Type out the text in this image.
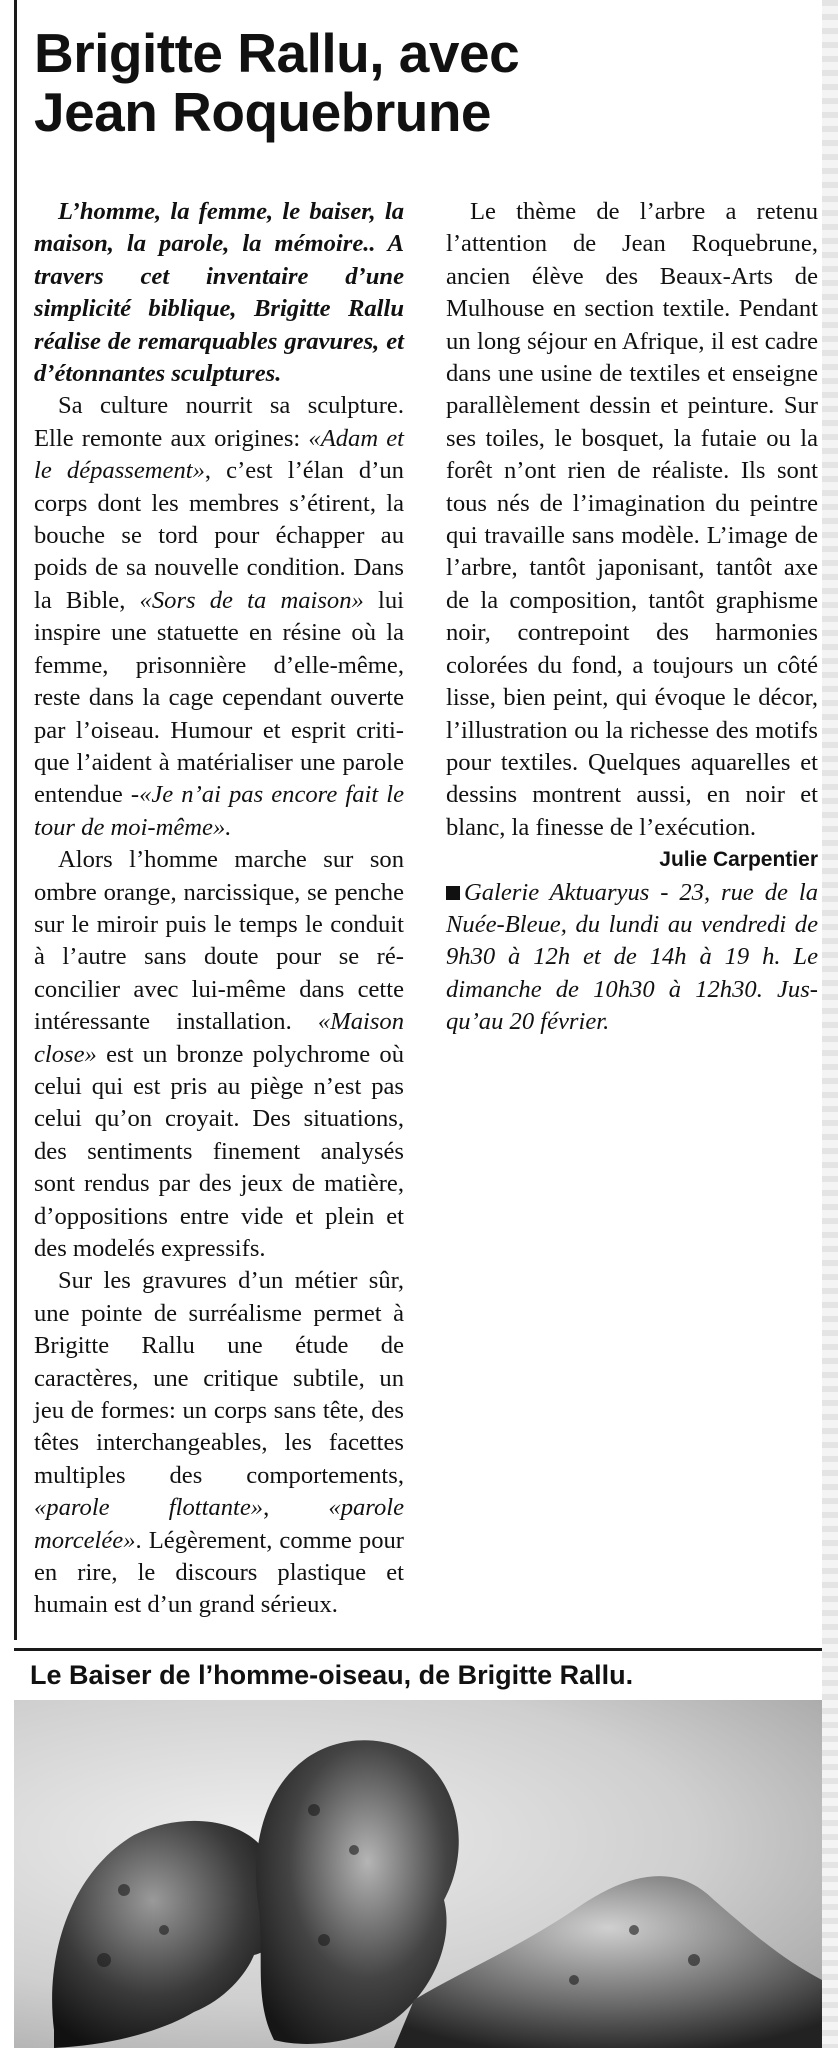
Brigitte Rallu, avec
Jean Roquebrune

L’homme, la femme, le baiser, la maison, la parole, la mémoire.. A travers cet inventaire d’une simplicité biblique, Brigitte Rallu réalise de remarquables gravures, et d’étonnantes sculptures.

Sa culture nourrit sa sculpture. Elle remonte aux origines: «Adam et le dépassement», c’est l’élan d’un corps dont les membres s’étirent, la bouche se tord pour échapper au poids de sa nouvelle condition. Dans la Bible, «Sors de ta maison» lui inspire une statuette en résine où la femme, prisonnière d’elle-même, reste dans la cage cependant ouverte par l’oiseau. Humour et esprit critique l’aident à matérialiser une parole entendue -«Je n’ai pas encore fait le tour de moi-même».

Alors l’homme marche sur son ombre orange, narcissique, se penche sur le miroir puis le temps le conduit à l’autre sans doute pour se réconcilier avec lui-même dans cette intéressante installation. «Maison close» est un bronze polychrome où celui qui est pris au piège n’est pas celui qu’on croyait. Des situations, des sentiments finement analysés sont rendus par des jeux de matière, d’oppositions entre vide et plein et des modelés expressifs.

Sur les gravures d’un métier sûr, une pointe de surréalisme permet à Brigitte Rallu une étude de caractères, une critique subtile, un jeu de formes: un corps sans tête, des têtes interchangeables, les facettes multiples des comportements, «parole flottante», «parole morcelée». Légèrement, comme pour en rire, le discours plastique et humain est d’un grand sérieux.

Le thème de l’arbre a retenu l’attention de Jean Roquebrune, ancien élève des Beaux-Arts de Mulhouse en section textile. Pendant un long séjour en Afrique, il est cadre dans une usine de textiles et enseigne parallèlement dessin et peinture. Sur ses toiles, le bosquet, la futaie ou la forêt n’ont rien de réaliste. Ils sont tous nés de l’imagination du peintre qui travaille sans modèle. L’image de l’arbre, tantôt japonisant, tantôt axe de la composition, tantôt graphisme noir, contrepoint des harmonies colorées du fond, a toujours un côté lisse, bien peint, qui évoque le décor, l’illustration ou la richesse des motifs pour textiles. Quelques aquarelles et dessins montrent aussi, en noir et blanc, la finesse de l’exécution.

Julie Carpentier

Galerie Aktuaryus - 23, rue de la Nuée-Bleue, du lundi au vendredi de 9h30 à 12h et de 14h à 19 h. Le dimanche de 10h30 à 12h30. Jusqu’au 20 février.

Le Baiser de l’homme-oiseau, de Brigitte Rallu.
